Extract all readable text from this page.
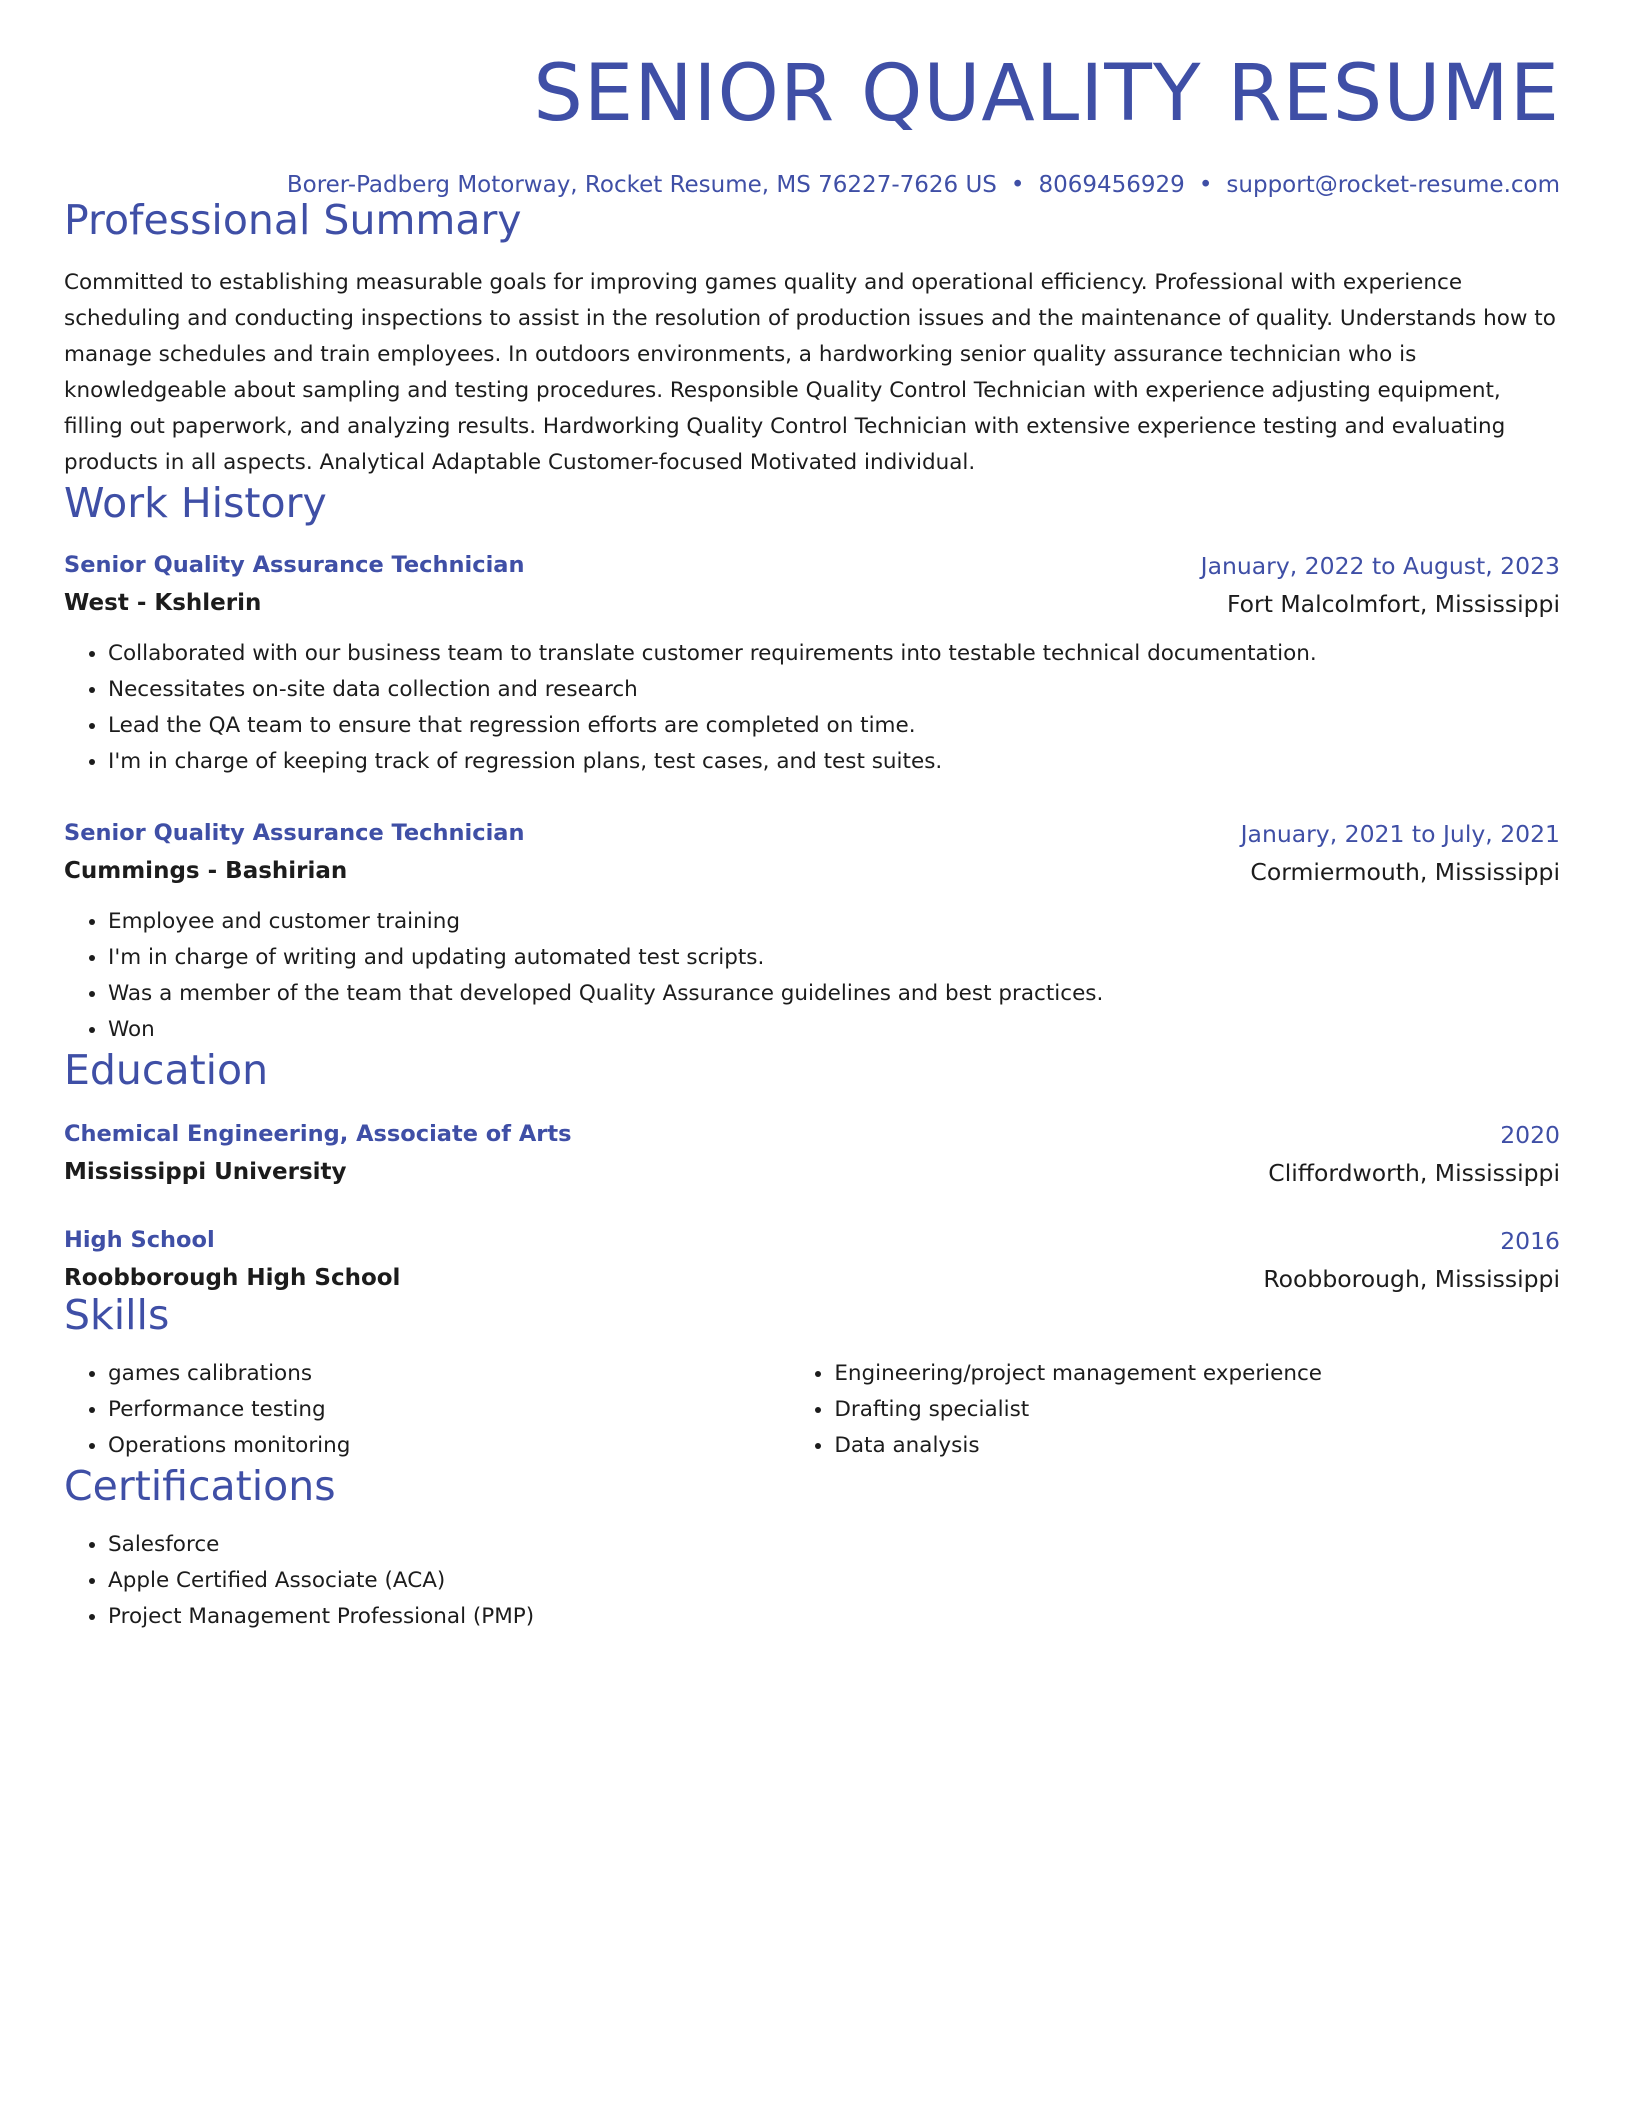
SENIOR QUALITY RESUME
Borer-Padberg Motorway, Rocket Resume, MS 76227-7626 US • 8069456929 • support@rocket-resume.com
Professional Summary
Committed to establishing measurable goals for improving games quality and operational efficiency. Professional with experience scheduling and conducting inspections to assist in the resolution of production issues and the maintenance of quality. Understands how to manage schedules and train employees. In outdoors environments, a hardworking senior quality assurance technician who is knowledgeable about sampling and testing procedures. Responsible Quality Control Technician with experience adjusting equipment, filling out paperwork, and analyzing results. Hardworking Quality Control Technician with extensive experience testing and evaluating products in all aspects. Analytical Adaptable Customer-focused Motivated individual.
Work History
Senior Quality Assurance Technician	January, 2022 to August, 2023
West - Kshlerin	Fort Malcolmfort, Mississippi
• Collaborated with our business team to translate customer requirements into testable technical documentation.
• Necessitates on-site data collection and research
• Lead the QA team to ensure that regression efforts are completed on time.
• I'm in charge of keeping track of regression plans, test cases, and test suites.
Senior Quality Assurance Technician	January, 2021 to July, 2021
Cummings - Bashirian	Cormiermouth, Mississippi
• Employee and customer training
• I'm in charge of writing and updating automated test scripts.
• Was a member of the team that developed Quality Assurance guidelines and best practices.
• Won
Education
Chemical Engineering, Associate of Arts	2020
Mississippi University	Cliffordworth, Mississippi
High School	2016
Roobborough High School	Roobborough, Mississippi
Skills
• games calibrations
• Performance testing
• Operations monitoring
• Engineering/project management experience
• Drafting specialist
• Data analysis
Certifications
• Salesforce
• Apple Certified Associate (ACA)
• Project Management Professional (PMP)
